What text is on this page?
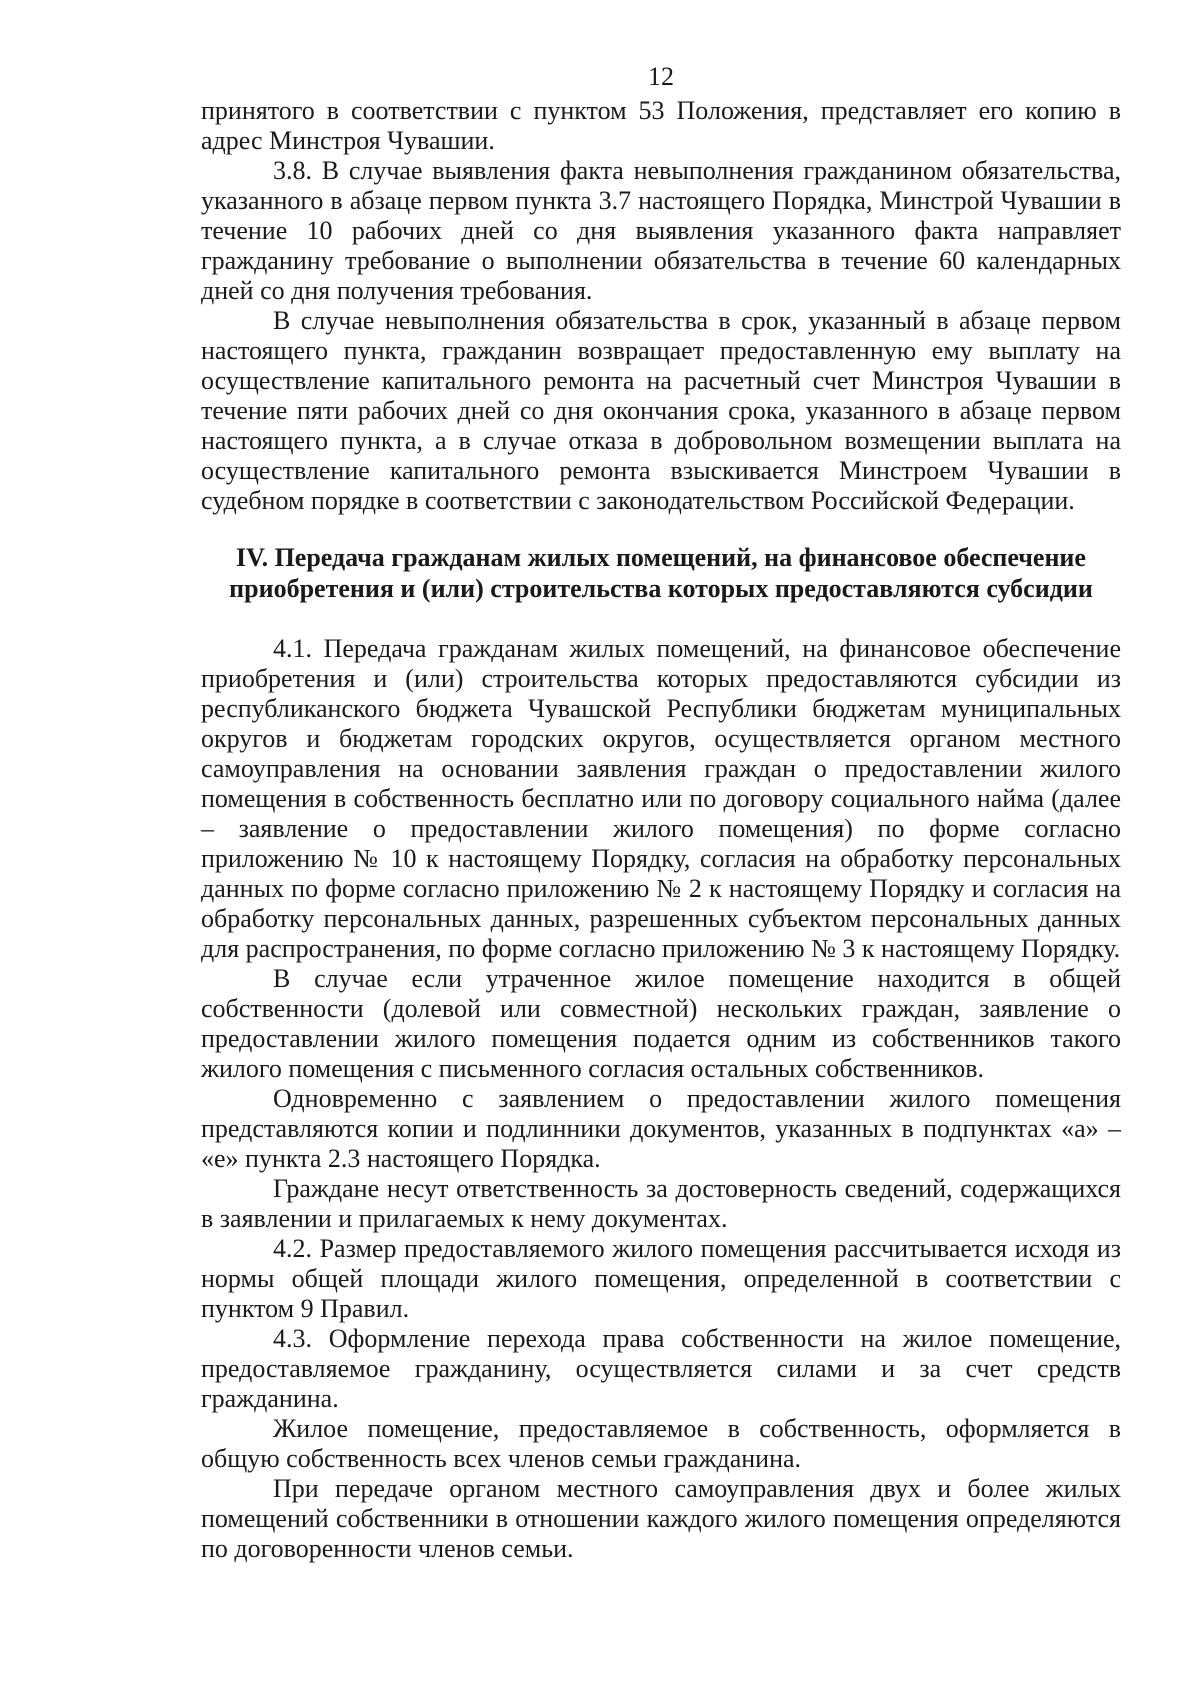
12

принятого в соответствии с пунктом 53 Положения, представляет его копию в адрес Минстроя Чувашии.

3.8. В случае выявления факта невыполнения гражданином обязательства, указанного в абзаце первом пункта 3.7 настоящего Порядка, Минстрой Чувашии в течение 10 рабочих дней со дня выявления указанного факта направляет гражданину требование о выполнении обязательства в течение 60 календарных дней со дня получения требования.

В случае невыполнения обязательства в срок, указанный в абзаце первом настоящего пункта, гражданин возвращает предоставленную ему выплату на осуществление капитального ремонта на расчетный счет Минстроя Чувашии в течение пяти рабочих дней со дня окончания срока, указанного в абзаце первом настоящего пункта, а в случае отказа в добровольном возмещении выплата на осуществление капитального ремонта взыскивается Минстроем Чувашии в судебном порядке в соответствии с законодательством Российской Федерации.

IV. Передача гражданам жилых помещений, на финансовое обеспечение приобретения и (или) строительства которых предоставляются субсидии

4.1. Передача гражданам жилых помещений, на финансовое обеспечение приобретения и (или) строительства которых предоставляются субсидии из республиканского бюджета Чувашской Республики бюджетам муниципальных округов и бюджетам городских округов, осуществляется органом местного самоуправления на основании заявления граждан о предоставлении жилого помещения в собственность бесплатно или по договору социального найма (далее – заявление о предоставлении жилого помещения) по форме согласно приложению № 10 к настоящему Порядку, согласия на обработку персональных данных по форме согласно приложению № 2 к настоящему Порядку и согласия на обработку персональных данных, разрешенных субъектом персональных данных для распространения, по форме согласно приложению № 3 к настоящему Порядку.

В случае если утраченное жилое помещение находится в общей собственности (долевой или совместной) нескольких граждан, заявление о предоставлении жилого помещения подается одним из собственников такого жилого помещения с письменного согласия остальных собственников.

Одновременно с заявлением о предоставлении жилого помещения представляются копии и подлинники документов, указанных в подпунктах «а» – «е» пункта 2.3 настоящего Порядка.

Граждане несут ответственность за достоверность сведений, содержащихся в заявлении и прилагаемых к нему документах.

4.2. Размер предоставляемого жилого помещения рассчитывается исходя из нормы общей площади жилого помещения, определенной в соответствии с пунктом 9 Правил.

4.3. Оформление перехода права собственности на жилое помещение, предоставляемое гражданину, осуществляется силами и за счет средств гражданина.

Жилое помещение, предоставляемое в собственность, оформляется в общую собственность всех членов семьи гражданина.

При передаче органом местного самоуправления двух и более жилых помещений собственники в отношении каждого жилого помещения определяются по договоренности членов семьи.
